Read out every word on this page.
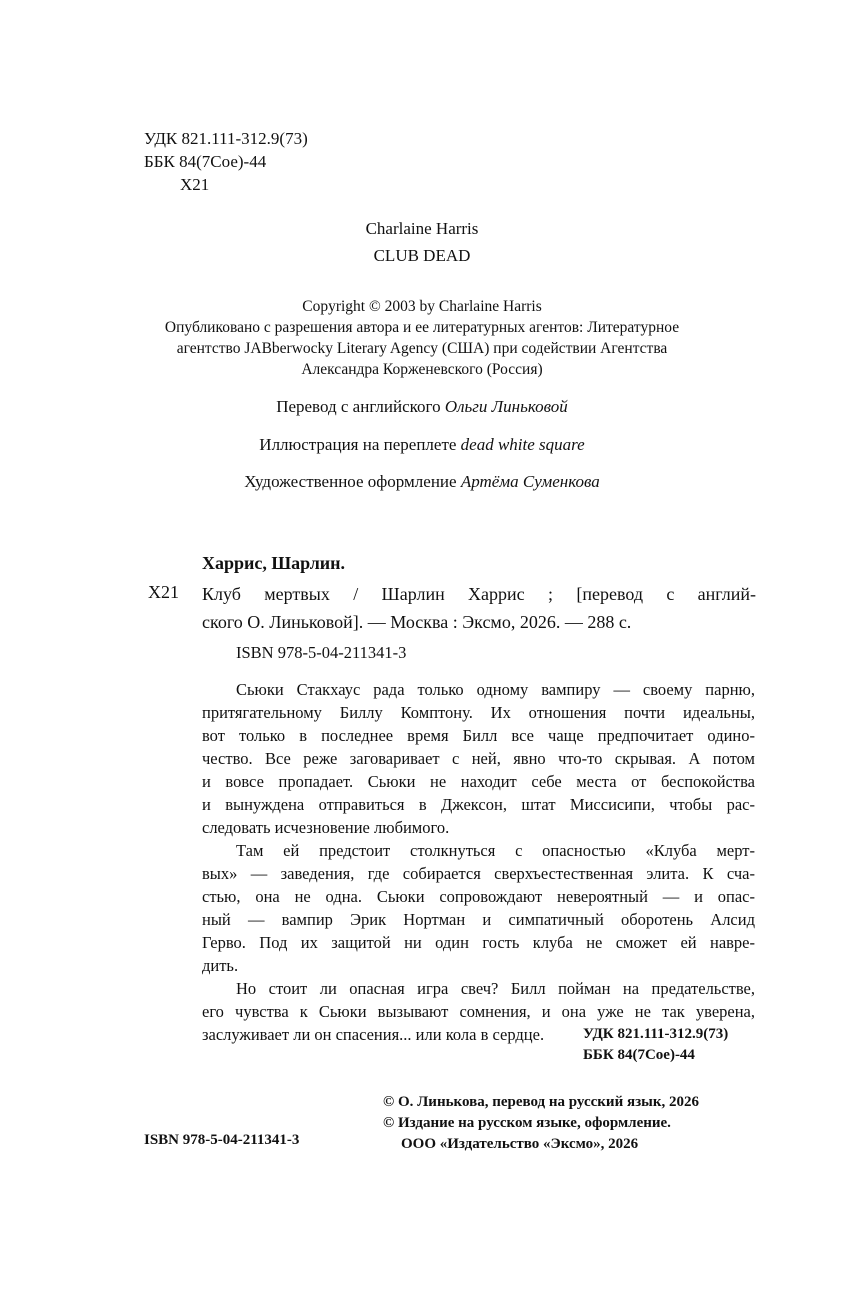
УДК 821.111-312.9(73)
ББК 84(7Сое)-44
Х21
Charlaine Harris
CLUB DEAD
Copyright © 2003 by Charlaine Harris
Опубликовано с разрешения автора и ее литературных агентов: Литературное
агентство JABberwocky Literary Agency (США) при содействии Агентства
Александра Корженевского (Россия)
Перевод с английского Ольги Линьковой
Иллюстрация на переплете dead white square
Художественное оформление Артёма Суменкова
Харрис, Шарлин.
Х21 Клуб мертвых / Шарлин Харрис ; [перевод с англий-
ского О. Линьковой]. — Москва : Эксмо, 2026. — 288 с.
ISBN 978-5-04-211341-3
Сьюки Стакхаус рада только одному вампиру — своему парню,
притягательному Биллу Комптону. Их отношения почти идеальны,
вот только в последнее время Билл все чаще предпочитает одино-
чество. Все реже заговаривает с ней, явно что-то скрывая. А потом
и вовсе пропадает. Сьюки не находит себе места от беспокойства
и вынуждена отправиться в Джексон, штат Миссисипи, чтобы рас-
следовать исчезновение любимого.
Там ей предстоит столкнуться с опасностью «Клуба мерт-
вых» — заведения, где собирается сверхъестественная элита. К сча-
стью, она не одна. Сьюки сопровождают невероятный — и опас-
ный — вампир Эрик Нортман и симпатичный оборотень Алсид
Герво. Под их защитой ни один гость клуба не сможет ей навре-
дить.
Но стоит ли опасная игра свеч? Билл пойман на предательстве,
его чувства к Сьюки вызывают сомнения, и она уже не так уверена,
заслуживает ли он спасения... или кола в сердце.	УДК 821.111-312.9(73)
ББК 84(7Сое)-44
© О. Линькова, перевод на русский язык, 2026
© Издание на русском языке, оформление.
ООО «Издательство «Эксмо», 2026
ISBN 978-5-04-211341-3
